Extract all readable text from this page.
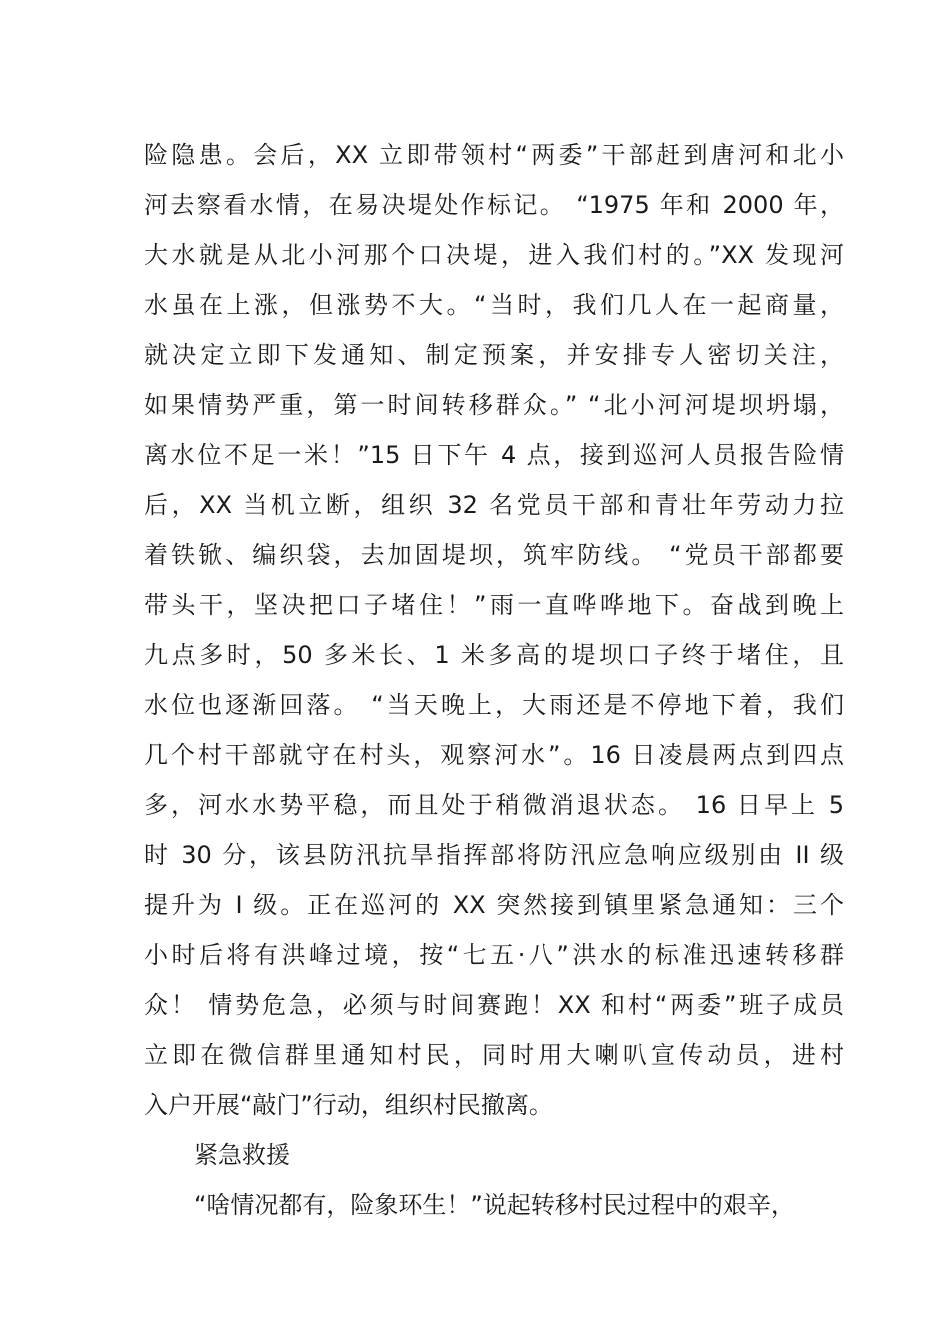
险隐患。会后，XX 立即带领村“两委”干部赶到唐河和北小
河去察看水情，在易决堤处作标记。 “1975 年和 2000 年，
大水就是从北小河那个口决堤，进入我们村的。”XX 发现河
水虽在上涨，但涨势不大。“当时，我们几人在一起商量，
就决定立即下发通知、制定预案，并安排专人密切关注，
如果情势严重，第一时间转移群众。” “北小河河堤坝坍塌，
离水位不足一米！”15 日下午 4 点，接到巡河人员报告险情
后，XX 当机立断，组织 32 名党员干部和青壮年劳动力拉
着铁锨、编织袋，去加固堤坝，筑牢防线。 “党员干部都要
带头干，坚决把口子堵住！”雨一直哗哗地下。奋战到晚上
九点多时，50 多米长、1 米多高的堤坝口子终于堵住，且
水位也逐渐回落。 “当天晚上，大雨还是不停地下着，我们
几个村干部就守在村头，观察河水”。16 日凌晨两点到四点
多，河水水势平稳，而且处于稍微消退状态。 16 日早上 5
时 30 分，该县防汛抗旱指挥部将防汛应急响应级别由 II 级
提升为 I 级。正在巡河的 XX 突然接到镇里紧急通知：三个
小时后将有洪峰过境，按“七五·八”洪水的标准迅速转移群
众！ 情势危急，必须与时间赛跑！XX 和村“两委”班子成员
立即在微信群里通知村民，同时用大喇叭宣传动员，进村
入户开展“敲门”行动，组织村民撤离。
紧急救援
“啥情况都有，险象环生！”说起转移村民过程中的艰辛，
